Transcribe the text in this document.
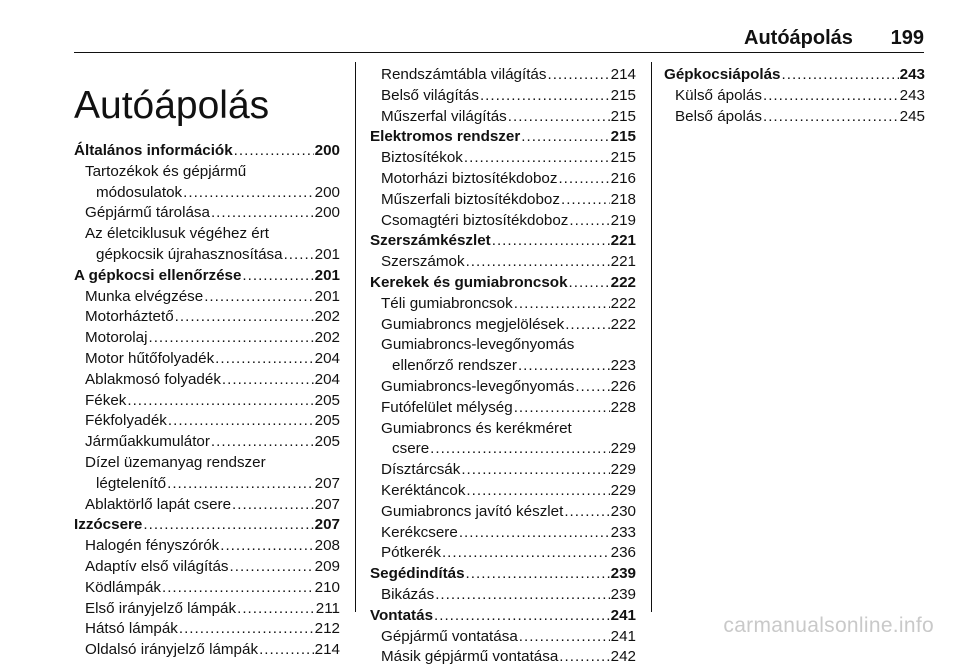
Autóápolás 199
Autóápolás
Általános információk .....	200
Tartozékok és gépjármű
módosulatok .....	200
Gépjármű tárolása .....	200
Az életciklusuk végéhez ért
gépkocsik újrahasznosítása ..... 201
A gépkocsi ellenőrzése .....	201
Munka elvégzése .....	201
Motorháztető .....	202
Motorolaj .....	202
Motor hűtőfolyadék .....	204
Ablakmosó folyadék .....	204
Fékek .....	205
Fékfolyadék .....	205
Járműakkumulátor .....	205
Dízel üzemanyag rendszer
légtelenítő .....	207
Ablaktörlő lapát csere .....	207
Izzócsere .....	207
Halogén fényszórók .....	208
Adaptív első világítás .....	209
Ködlámpák .....	210
Első irányjelző lámpák .....	211
Hátsó lámpák .....	212
Oldalsó irányjelző lámpák .....	214
Rendszámtábla világítás .....	214
Belső világítás .....	215
Műszerfal világítás .....	215
Elektromos rendszer .....	215
Biztosítékok .....	215
Motorházi biztosítékdoboz .....	216
Műszerfali biztosítékdoboz .....	218
Csomagtéri biztosítékdoboz .....	219
Szerszámkészlet .....	221
Szerszámok .....	221
Kerekek és gumiabroncsok .....	222
Téli gumiabroncsok .....	222
Gumiabroncs megjelölések .....	222
Gumiabroncs-levegőnyomás
ellenőrző rendszer .....	223
Gumiabroncs-levegőnyomás ..... 226
Futófelület mélység .....	228
Gumiabroncs és kerékméret
csere .....	229
Dísztárcsák .....	229
Keréktáncok .....	229
Gumiabroncs javító készlet .....	230
Kerékcsere .....	233
Pótkerék .....	236
Segédindítás .....	239
Bikázás .....	239
Vontatás .....	241
Gépjármű vontatása .....	241
Másik gépjármű vontatása .....	242
Gépkocsiápolás .....	243
Külső ápolás .....	243
Belső ápolás .....	245
carmanualsonline.info
